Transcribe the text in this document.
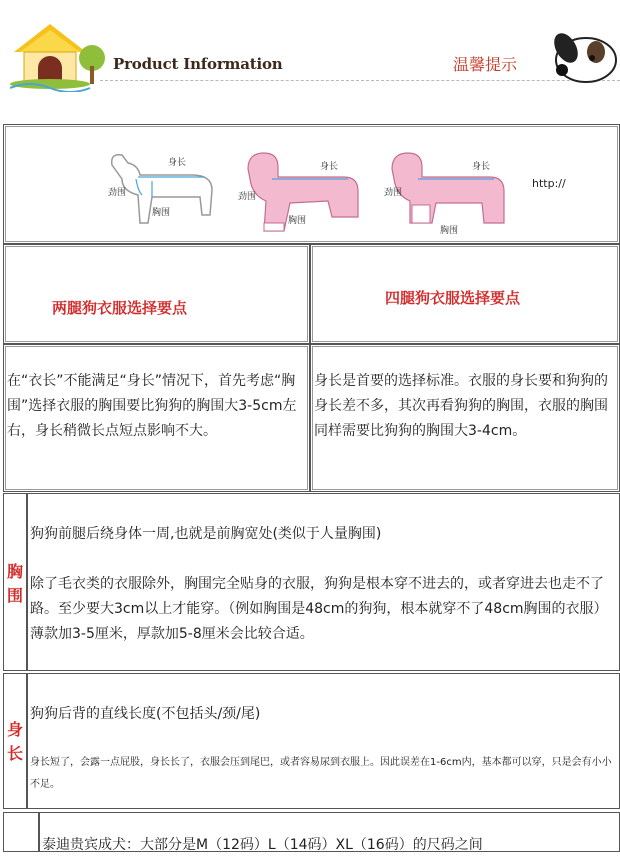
Product Information	温馨提示
身长
劲围
胸围
身长
劲围
胸围
身长
劲围
胸围
http://
两腿狗衣服选择要点
四腿狗衣服选择要点
在“衣长”不能满足“身长”情况下，首先考虑“胸围”选择衣服的胸围要比狗狗的胸围大3-5cm左右，身长稍微长点短点影响不大。
身长是首要的选择标准。衣服的身长要和狗狗的身长差不多，其次再看狗狗的胸围，衣服的胸围同样需要比狗狗的胸围大3-4cm。
胸
围
狗狗前腿后绕身体一周,也就是前胸宽处(类似于人量胸围)
除了毛衣类的衣服除外，胸围完全贴身的衣服，狗狗是根本穿不进去的，或者穿进去也走不了路。至少要大3cm以上才能穿。（例如胸围是48cm的狗狗，根本就穿不了48cm胸围的衣服）薄款加3-5厘米，厚款加5-8厘米会比较合适。
身
长
狗狗后背的直线长度(不包括头/颈/尾)
身长短了，会露一点屁股，身长长了，衣服会压到尾巴，或者容易尿到衣服上。因此误差在1-6cm内，基本都可以穿，只是会有小小不足。
泰迪贵宾成犬：大部分是M（12码）L（14码）XL（16码）的尺码之间
